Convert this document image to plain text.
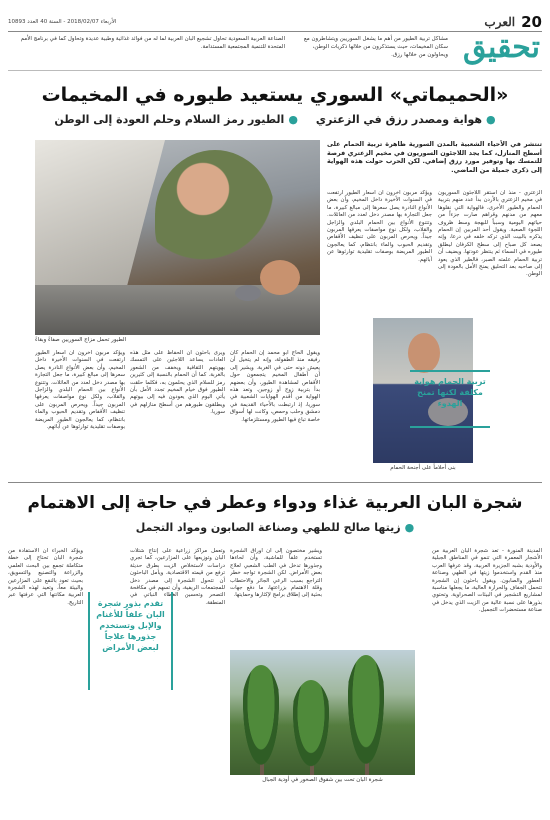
الأربعاء 2018/02/07 - السنة 40 العدد 10893	العرب 20
تحقيق
مشاكل تربية الطيور من أهم ما يشغل السوريين ويتشاطرون مع سكان المخيمات، حيث يستذكرون من خلالها ذكريات الوطن، ويحاولون من خلالها رزق.
الصناعة العربية السعودية تحاول تشجيع البان العربية لما له من فوائد غذائية وطبية عديدة وتحاول كما في برنامج الأمم المتحدة للتنمية المجتمعية المستدامة.
«الحميماتي» السوري يستعيد طيوره في المخيمات
●هواية ومصدر رزق في الزعتري
●الطيور رمز السلام وحلم العودة إلى الوطن
تنتشر في الأحياء الشعبية بالمدن السورية ظاهرة تربية الحمام على أسطح المنازل، كما يجد اللاجئون السوريون في مخيم الزعتري فرصة للتمسك بها وتوفير مورد رزق إضافي. لكن الحرب حولت هذه الهواية إلى ذكرى جميلة من الماضي.
الطيور تحمل مزاج السوريين صفاءً وبقاءً
الزعتري - منذ أن استقر اللاجئون السوريون في مخيم الزعتري بالأردن بدأ عدد منهم بتربية الحمام والطيور الأخرى، فالهواية التي نقلوها معهم من مدنهم وقراهم صارت جزءاً من حياتهم اليومية وسبباً للبهجة وسط ظروف اللجوء الصعبة. ويقول أحد المربين إن الحمام يذكره بالبيت الذي تركه خلفه في درعا، وإنه يصعد كل صباح إلى سطح الكرفان ليطلق طيوره في السماء ثم ينتظر عودتها. ويضيف أن تربية الحمام علمته الصبر، فالطير الذي يعود إلى صاحبه بعد التحليق يمنح الأمل بالعودة إلى الوطن.
ويؤكد مربون آخرون أن أسعار الطيور ارتفعت في السنوات الأخيرة داخل المخيم، وأن بعض الأنواع النادرة يصل سعرها إلى مبالغ كبيرة، ما جعل التجارة بها مصدر دخل لعدد من العائلات. وتتنوع الأنواع بين الحمام البلدي والزاجل والقلاب، ولكل نوع مواصفات يعرفها المربون جيداً. ويحرص المربون على تنظيف الأقفاص وتقديم الحبوب والماء بانتظام، كما يعالجون الطيور المريضة بوصفات تقليدية توارثوها عن آبائهم.
بنى أحلاماً على أجنحة الحمام
تربية الحمام هواية مكلفة لكنها تمنح الهدوء
ويقول الحاج أبو محمد إن الحمام كان رفيقه منذ الطفولة، وإنه لم يتخيل أن يعيش دونه حتى في الغربة. ويشير إلى أن أطفال المخيم يتجمعون حول الأقفاص لمشاهدة الطيور، وأن بعضهم بدأ بتربية زوج أو زوجين. وتعد هذه الهواية من أقدم الهوايات الشعبية في سوريا، إذ ارتبطت بالأحياء القديمة في دمشق وحلب وحمص، وكانت لها أسواق خاصة تباع فيها الطيور ومستلزماتها.
ويرى باحثون أن الحفاظ على مثل هذه العادات يساعد اللاجئين على التمسك بهويتهم الثقافية ويخفف من الشعور بالغربة. كما أن الحمام بالنسبة إلى كثيرين رمز للسلام الذي يحلمون به، فكلما حلقت الطيور فوق خيام المخيم تجدد الأمل بأن يأتي اليوم الذي يعودون فيه إلى بيوتهم ويطلقون طيورهم من أسطح منازلهم في سوريا.
ويؤكد مربون آخرون أن أسعار الطيور ارتفعت في السنوات الأخيرة داخل المخيم، وأن بعض الأنواع النادرة يصل سعرها إلى مبالغ كبيرة، ما جعل التجارة بها مصدر دخل لعدد من العائلات. وتتنوع الأنواع بين الحمام البلدي والزاجل والقلاب، ولكل نوع مواصفات يعرفها المربون جيداً. ويحرص المربون على تنظيف الأقفاص وتقديم الحبوب والماء بانتظام، كما يعالجون الطيور المريضة بوصفات تقليدية توارثوها عن آبائهم.
شجرة البان العربية غذاء ودواء وعطر في حاجة إلى الاهتمام
●زيتها صالح للطهي وصناعة الصابون ومواد التجمل
المدينة المنورة - تعد شجرة البان العربية من الأشجار المعمرة التي تنمو في المناطق الجبلية والأودية بشبه الجزيرة العربية، وقد عرفها العرب منذ القدم واستخدموا زيتها في الطهي وصناعة العطور والصابون. ويقول باحثون إن الشجرة تتحمل الجفاف والحرارة العالية، ما يجعلها مناسبة لمشاريع التشجير في البيئات الصحراوية. وتحتوي بذورها على نسبة عالية من الزيت الذي يدخل في صناعة مستحضرات التجميل.
ويشير مختصون إلى أن أوراق الشجرة تستخدم علفاً للماشية، وأن لحاءها وجذورها تدخل في الطب الشعبي لعلاج بعض الأمراض. لكن الشجرة تواجه خطر التراجع بسبب الرعي الجائر والاحتطاب وقلة الاهتمام بزراعتها، ما دفع جهات بحثية إلى إطلاق برامج لإكثارها وحمايتها.
وتعمل مراكز زراعية على إنتاج شتلات البان وتوزيعها على المزارعين، كما تجري دراسات لاستخلاص الزيت بطرق حديثة ترفع من قيمته الاقتصادية. ويأمل الباحثون أن تتحول الشجرة إلى مصدر دخل للمجتمعات الريفية، وأن تسهم في مكافحة التصحر وتحسين الغطاء النباتي في المنطقة.
ويؤكد الخبراء أن الاستفادة من شجرة البان تحتاج إلى خطة متكاملة تجمع بين البحث العلمي والزراعة والتصنيع والتسويق، بحيث تعود بالنفع على المزارعين والبيئة معاً، وتعيد لهذه الشجرة العربية مكانتها التي عرفتها عبر التاريخ.	تقدم بذور شجرة البان علفاً للأغنام والإبل وتستخدم جذورها علاجاً لبعض الأمراض
شجرة البان تحت بين شقوق الصخور في أودية الجبال
